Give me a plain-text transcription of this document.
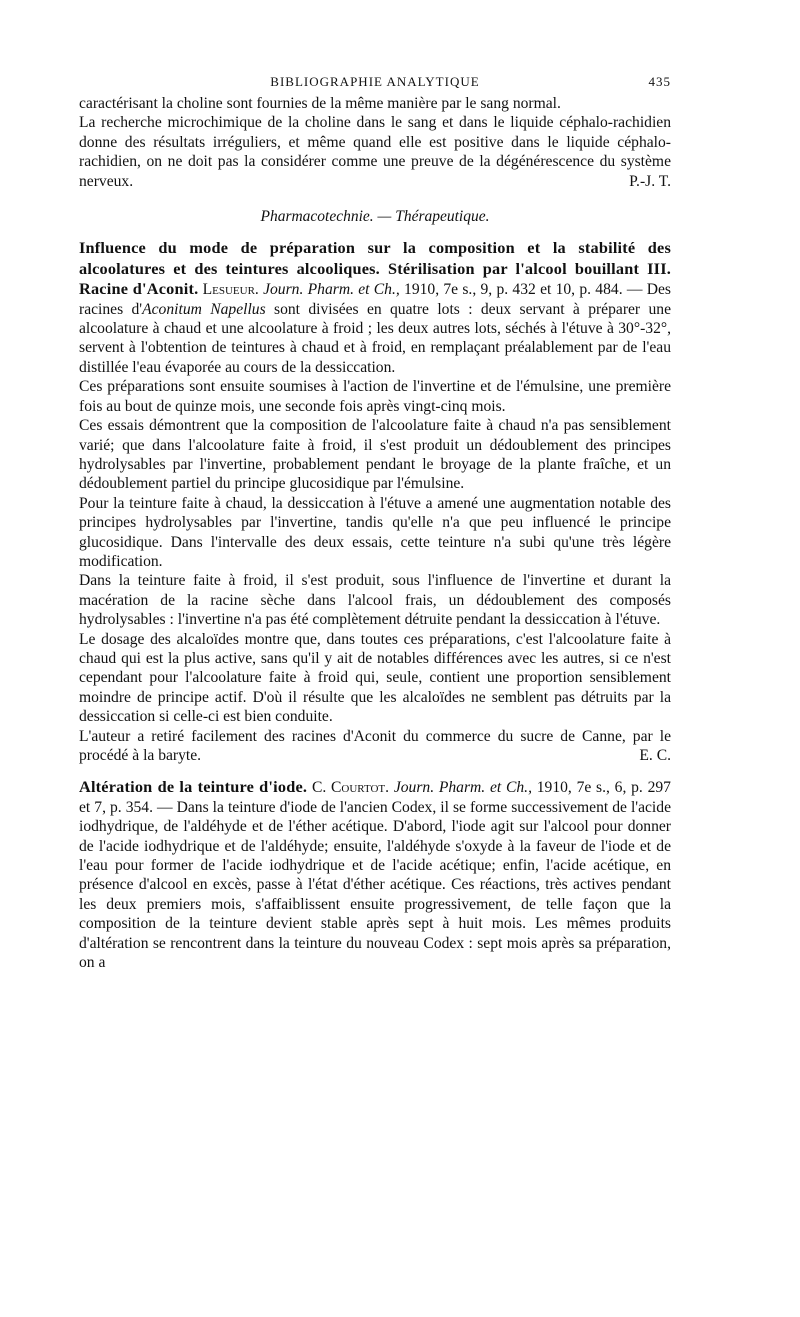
BIBLIOGRAPHIE ANALYTIQUE	435

caractérisant la choline sont fournies de la même manière par le sang normal.

La recherche microchimique de la choline dans le sang et dans le liquide céphalo-rachidien donne des résultats irréguliers, et même quand elle est positive dans le liquide céphalo-rachidien, on ne doit pas la considérer comme une preuve de la dégénérescence du système nerveux.	P.-J. T.

Pharmacotechnie. — Thérapeutique.

Influence du mode de préparation sur la composition et la stabilité des alcoolatures et des teintures alcooliques. Stérilisation par l'alcool bouillant III. Racine d'Aconit. Lesueur. Journ. Pharm. et Ch., 1910, 7e s., 9, p. 432 et 10, p. 484. — Des racines d'Aconitum Napellus sont divisées en quatre lots : deux servant à préparer une alcoolature à chaud et une alcoolature à froid ; les deux autres lots, séchés à l'étuve à 30°-32°, servent à l'obtention de teintures à chaud et à froid, en remplaçant préalablement par de l'eau distillée l'eau évaporée au cours de la dessiccation.

Ces préparations sont ensuite soumises à l'action de l'invertine et de l'émulsine, une première fois au bout de quinze mois, une seconde fois après vingt-cinq mois.

Ces essais démontrent que la composition de l'alcoolature faite à chaud n'a pas sensiblement varié; que dans l'alcoolature faite à froid, il s'est produit un dédoublement des principes hydrolysables par l'invertine, probablement pendant le broyage de la plante fraîche, et un dédoublement partiel du principe glucosidique par l'émulsine.

Pour la teinture faite à chaud, la dessiccation à l'étuve a amené une augmentation notable des principes hydrolysables par l'invertine, tandis qu'elle n'a que peu influencé le principe glucosidique. Dans l'intervalle des deux essais, cette teinture n'a subi qu'une très légère modification.

Dans la teinture faite à froid, il s'est produit, sous l'influence de l'invertine et durant la macération de la racine sèche dans l'alcool frais, un dédoublement des composés hydrolysables : l'invertine n'a pas été complètement détruite pendant la dessiccation à l'étuve.

Le dosage des alcaloïdes montre que, dans toutes ces préparations, c'est l'alcoolature faite à chaud qui est la plus active, sans qu'il y ait de notables différences avec les autres, si ce n'est cependant pour l'alcoolature faite à froid qui, seule, contient une proportion sensiblement moindre de principe actif. D'où il résulte que les alcaloïdes ne semblent pas détruits par la dessiccation si celle-ci est bien conduite.

L'auteur a retiré facilement des racines d'Aconit du commerce du sucre de Canne, par le procédé à la baryte.	E. C.

Altération de la teinture d'iode. C. Courtot. Journ. Pharm. et Ch., 1910, 7e s., 6, p. 297 et 7, p. 354. — Dans la teinture d'iode de l'ancien Codex, il se forme successivement de l'acide iodhydrique, de l'aldéhyde et de l'éther acétique. D'abord, l'iode agit sur l'alcool pour donner de l'acide iodhydrique et de l'aldéhyde; ensuite, l'aldéhyde s'oxyde à la faveur de l'iode et de l'eau pour former de l'acide iodhydrique et de l'acide acétique; enfin, l'acide acétique, en présence d'alcool en excès, passe à l'état d'éther acétique. Ces réactions, très actives pendant les deux premiers mois, s'affaiblissent ensuite progressivement, de telle façon que la composition de la teinture devient stable après sept à huit mois. Les mêmes produits d'altération se rencontrent dans la teinture du nouveau Codex : sept mois après sa préparation, on a
